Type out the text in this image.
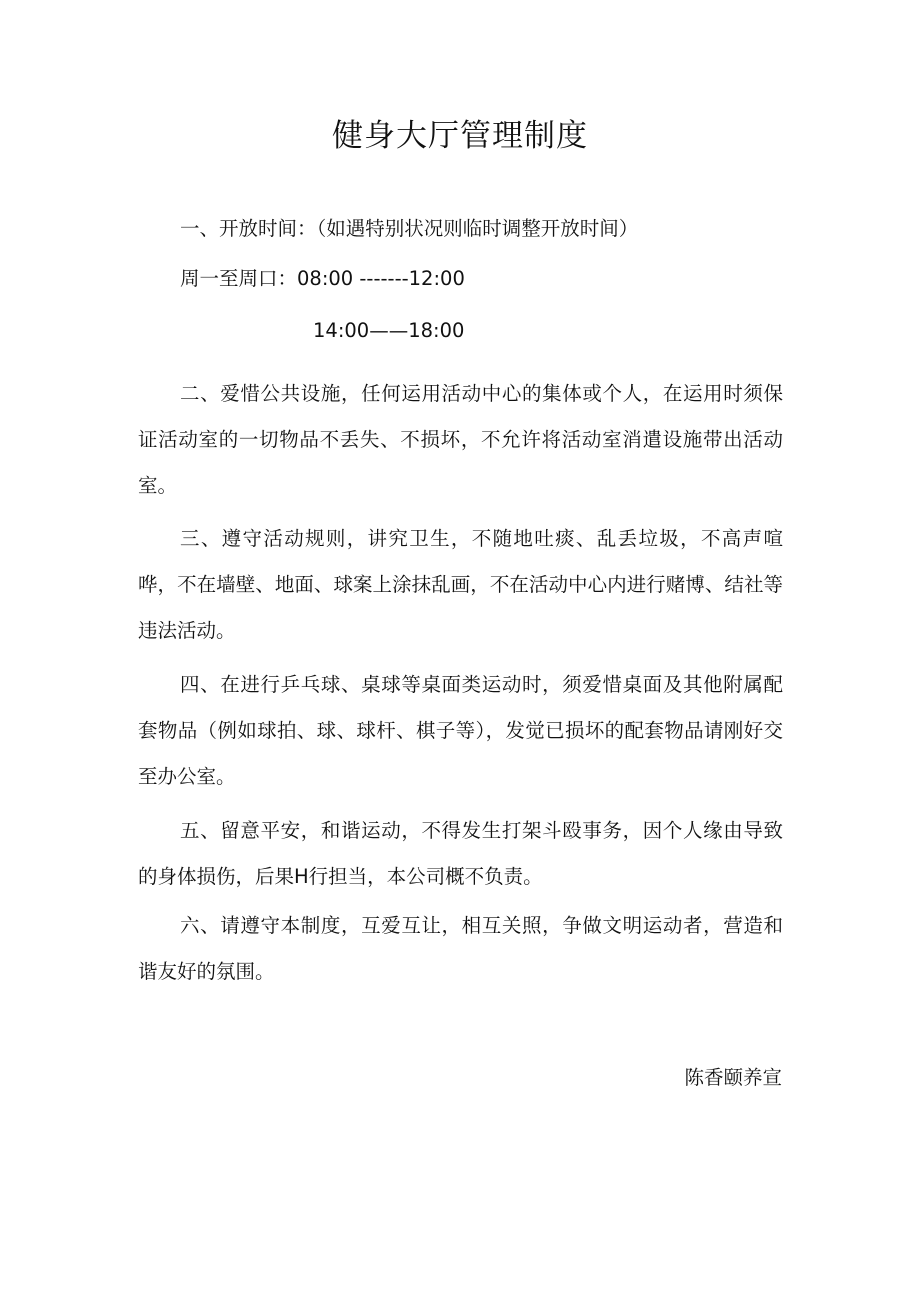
健身大厅管理制度

一、开放时间：（如遇特别状况则临时调整开放时间）

周一至周口：08:00 -------12:00

14:00——18:00

二、爱惜公共设施，任何运用活动中心的集体或个人，在运用时须保证活动室的一切物品不丢失、不损坏，不允许将活动室消遣设施带出活动室。

三、遵守活动规则，讲究卫生，不随地吐痰、乱丢垃圾，不高声喧哗，不在墙壁、地面、球案上涂抹乱画，不在活动中心内进行赌博、结社等违法活动。

四、在进行乒乓球、桌球等桌面类运动时，须爱惜桌面及其他附属配套物品（例如球拍、球、球杆、棋子等），发觉已损坏的配套物品请刚好交至办公室。

五、留意平安，和谐运动，不得发生打架斗殴事务，因个人缘由导致的身体损伤，后果H行担当，本公司概不负责。

六、请遵守本制度，互爱互让，相互关照，争做文明运动者，营造和谐友好的氛围。

陈香颐养宣
